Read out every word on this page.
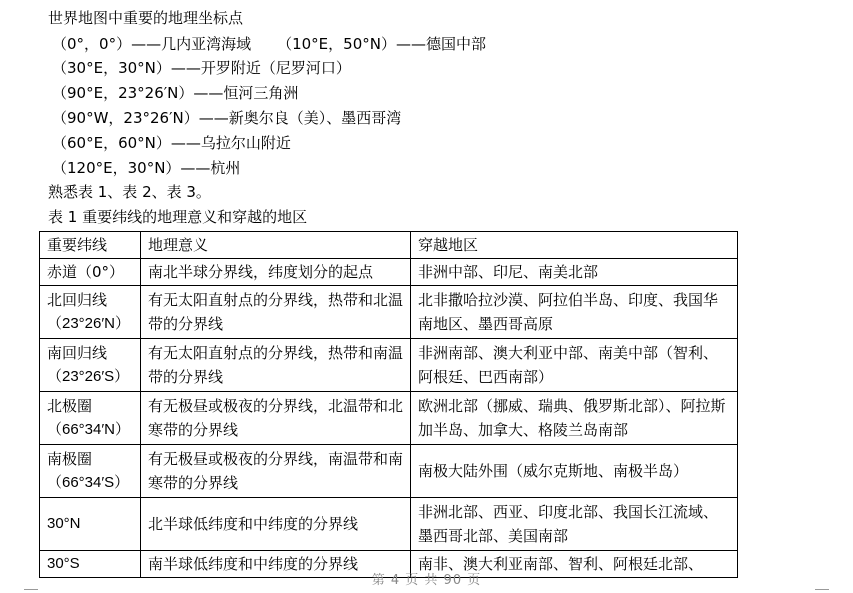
世界地图中重要的地理坐标点
（0°，0°）——几内亚湾海域 （10°E，50°N）——德国中部
（30°E，30°N）——开罗附近（尼罗河口）
（90°E，23°26′N）——恒河三角洲
（90°W，23°26′N）——新奥尔良（美）、墨西哥湾
（60°E，60°N）——乌拉尔山附近
（120°E，30°N）——杭州
熟悉表 1、表 2、表 3。
表 1 重要纬线的地理意义和穿越的地区
重要纬线	地理意义	穿越地区
赤道（0°）	南北半球分界线，纬度划分的起点	非洲中部、印尼、南美北部

北回归线
（23°26′N）	有无太阳直射点的分界线，热带和北温带的分界线	北非撒哈拉沙漠、阿拉伯半岛、印度、我国华南地区、墨西哥高原

南回归线
（23°26′S）	有无太阳直射点的分界线，热带和南温带的分界线	非洲南部、澳大利亚中部、南美中部（智利、阿根廷、巴西南部）

北极圈
（66°34′N）	有无极昼或极夜的分界线，北温带和北寒带的分界线	欧洲北部（挪威、瑞典、俄罗斯北部）、阿拉斯加半岛、加拿大、格陵兰岛南部

南极圈
（66°34′S）	有无极昼或极夜的分界线，南温带和南寒带的分界线	南极大陆外围（威尔克斯地、南极半岛）
30°N	北半球低纬度和中纬度的分界线	非洲北部、西亚、印度北部、我国长江流域、墨西哥北部、美国南部
30°S	南半球低纬度和中纬度的分界线	南非、澳大利亚南部、智利、阿根廷北部、
第 4 页 共 90 页
